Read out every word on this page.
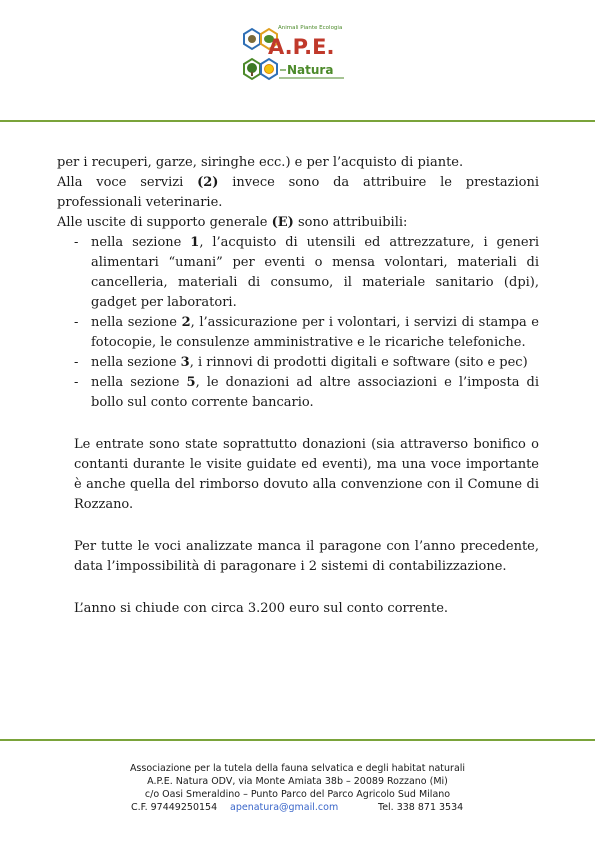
Animali Piante Ecologia
A.P.E.
Natura

per i recuperi, garze, siringhe ecc.) e per l’acquisto di piante.

Alla voce servizi (2) invece sono da attribuire le prestazioni professionali veterinarie.

Alle uscite di supporto generale (E) sono attribuibili:

- nella sezione 1, l’acquisto di utensili ed attrezzature, i generi alimentari “umani” per eventi o mensa volontari, materiali di cancelleria, materiali di consumo, il materiale sanitario (dpi), gadget per laboratori.
- nella sezione 2, l’assicurazione per i volontari, i servizi di stampa e fotocopie, le consulenze amministrative e le ricariche telefoniche.
- nella sezione 3, i rinnovi di prodotti digitali e software (sito e pec)
- nella sezione 5, le donazioni ad altre associazioni e l’imposta di bollo sul conto corrente bancario.

Le entrate sono state soprattutto donazioni (sia attraverso bonifico o contanti durante le visite guidate ed eventi), ma una voce importante è anche quella del rimborso dovuto alla convenzione con il Comune di Rozzano.

Per tutte le voci analizzate manca il paragone con l’anno precedente, data l’impossibilità di paragonare i 2 sistemi di contabilizzazione.

L’anno si chiude con circa 3.200 euro sul conto corrente.

Associazione per la tutela della fauna selvatica e degli habitat naturali
A.P.E. Natura ODV, via Monte Amiata 38b – 20089 Rozzano (Mi)
c/o Oasi Smeraldino – Punto Parco del Parco Agricolo Sud Milano
C.F. 97449250154 apenatura@gmail.com	Tel. 338 871 3534
